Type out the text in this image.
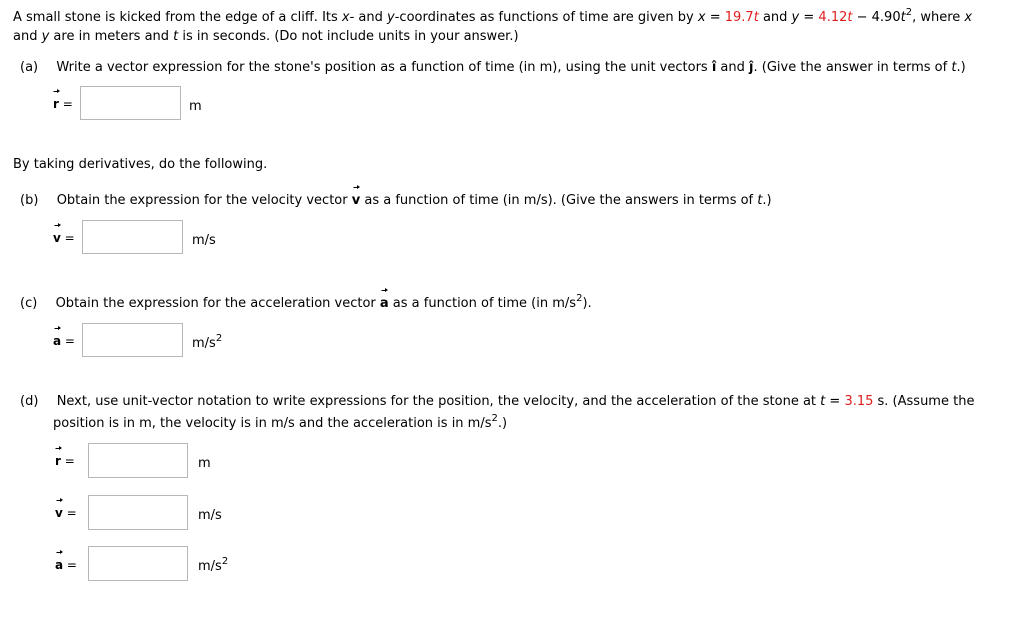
A small stone is kicked from the edge of a cliff. Its x- and y-coordinates as functions of time are given by x = 19.7t and $y = 4.12t - 4.90t^2$, where x
and y are in meters and t is in seconds. (Do not include units in your answer.)
(a) Write a vector expression for the stone's position as a function of time (in m), using the unit vectors î and ĵ. (Give the answer in terms of t.)
r =	m
By taking derivatives, do the following.
(b) Obtain the expression for the velocity vector v as a function of time (in m/s). (Give the answers in terms of t.)
v =	m/s
(c) Obtain the expression for the acceleration vector a as a function of time (in $m/s^2$).
a =	$m/s^2$
(d) Next, use unit-vector notation to write expressions for the position, the velocity, and the acceleration of the stone at t = 3.15 s. (Assume the
position is in m, the velocity is in m/s and the acceleration is in $m/s^2$.)
r =	m
v =	m/s
a =	$m/s^2$
